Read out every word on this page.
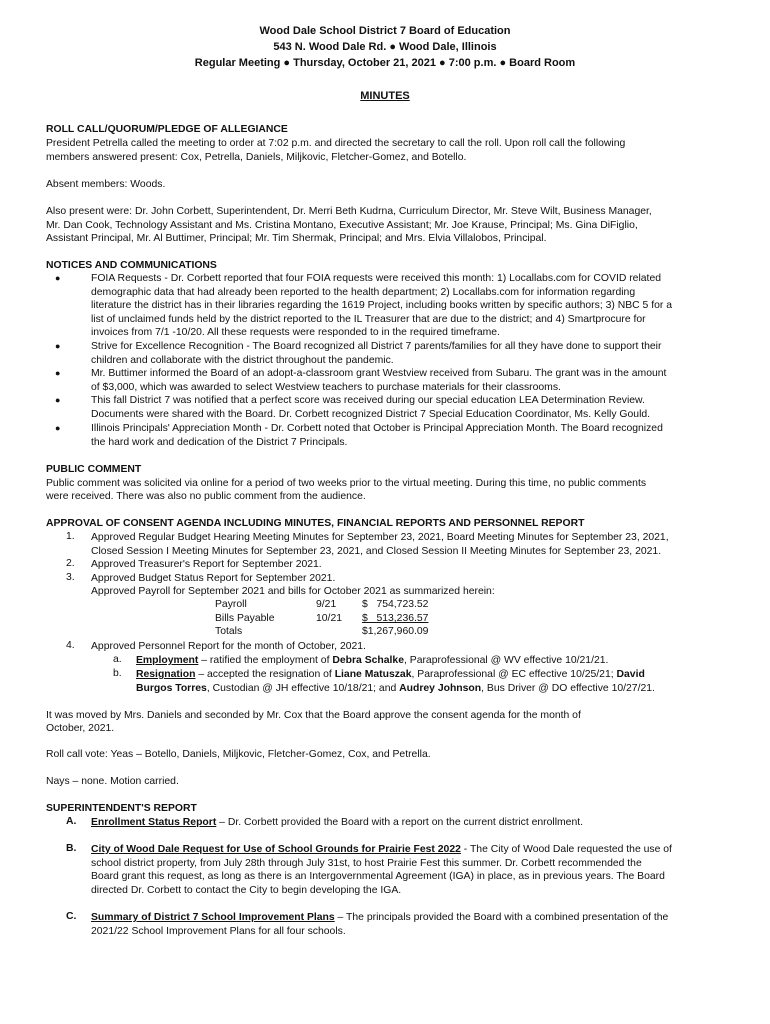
Wood Dale School District 7 Board of Education
543 N. Wood Dale Rd. ● Wood Dale, Illinois
Regular Meeting ● Thursday, October 21, 2021 ● 7:00 p.m. ● Board Room
MINUTES
ROLL CALL/QUORUM/PLEDGE OF ALLEGIANCE
President Petrella called the meeting to order at 7:02 p.m. and directed the secretary to call the roll. Upon roll call the following
members answered present: Cox, Petrella, Daniels, Miljkovic, Fletcher-Gomez, and Botello.
Absent members: Woods.
Also present were: Dr. John Corbett, Superintendent, Dr. Merri Beth Kudrna, Curriculum Director, Mr. Steve Wilt, Business Manager,
Mr. Dan Cook, Technology Assistant and Ms. Cristina Montano, Executive Assistant; Mr. Joe Krause, Principal; Ms. Gina DiFiglio,
Assistant Principal, Mr. Al Buttimer, Principal; Mr. Tim Shermak, Principal; and Mrs. Elvia Villalobos, Principal.
NOTICES AND COMMUNICATIONS
●	FOIA Requests - Dr. Corbett reported that four FOIA requests were received this month: 1) Locallabs.com for COVID related
demographic data that had already been reported to the health department; 2) Locallabs.com for information regarding
literature the district has in their libraries regarding the 1619 Project, including books written by specific authors; 3) NBC 5 for a
list of unclaimed funds held by the district reported to the IL Treasurer that are due to the district; and 4) Smartprocure for
invoices from 7/1 -10/20. All these requests were responded to in the required timeframe.
●	Strive for Excellence Recognition - The Board recognized all District 7 parents/families for all they have done to support their
children and collaborate with the district throughout the pandemic.
●	Mr. Buttimer informed the Board of an adopt-a-classroom grant Westview received from Subaru. The grant was in the amount
of $3,000, which was awarded to select Westview teachers to purchase materials for their classrooms.
●	This fall District 7 was notified that a perfect score was received during our special education LEA Determination Review.
Documents were shared with the Board. Dr. Corbett recognized District 7 Special Education Coordinator, Ms. Kelly Gould.
●	Illinois Principals' Appreciation Month - Dr. Corbett noted that October is Principal Appreciation Month. The Board recognized
the hard work and dedication of the District 7 Principals.
PUBLIC COMMENT
Public comment was solicited via online for a period of two weeks prior to the virtual meeting. During this time, no public comments
were received. There was also no public comment from the audience.
APPROVAL OF CONSENT AGENDA INCLUDING MINUTES, FINANCIAL REPORTS AND PERSONNEL REPORT
1. Approved Regular Budget Hearing Meeting Minutes for September 23, 2021, Board Meeting Minutes for September 23, 2021,
Closed Session I Meeting Minutes for September 23, 2021, and Closed Session II Meeting Minutes for September 23, 2021.
2. Approved Treasurer's Report for September 2021.
3. Approved Budget Status Report for September 2021.
Approved Payroll for September 2021 and bills for October 2021 as summarized herein:
Payroll	9/21 $   754,723.52
Bills Payable	10/21 $   513,236.57
Totals	$1,267,960.09
4. Approved Personnel Report for the month of October, 2021.
a. Employment – ratified the employment of Debra Schalke, Paraprofessional @ WV effective 10/21/21.
b. Resignation – accepted the resignation of Liane Matuszak, Paraprofessional @ EC effective 10/25/21; David
Burgos Torres, Custodian @ JH effective 10/18/21; and Audrey Johnson, Bus Driver @ DO effective 10/27/21.
It was moved by Mrs. Daniels and seconded by Mr. Cox that the Board approve the consent agenda for the month of
October, 2021.
Roll call vote: Yeas – Botello, Daniels, Miljkovic, Fletcher-Gomez, Cox, and Petrella.
Nays – none. Motion carried.
SUPERINTENDENT'S REPORT
A. Enrollment Status Report – Dr. Corbett provided the Board with a report on the current district enrollment.
B. City of Wood Dale Request for Use of School Grounds for Prairie Fest 2022 - The City of Wood Dale requested the use of
school district property, from July 28th through July 31st, to host Prairie Fest this summer. Dr. Corbett recommended the
Board grant this request, as long as there is an Intergovernmental Agreement (IGA) in place, as in previous years. The Board
directed Dr. Corbett to contact the City to begin developing the IGA.
C. Summary of District 7 School Improvement Plans – The principals provided the Board with a combined presentation of the
2021/22 School Improvement Plans for all four schools.
